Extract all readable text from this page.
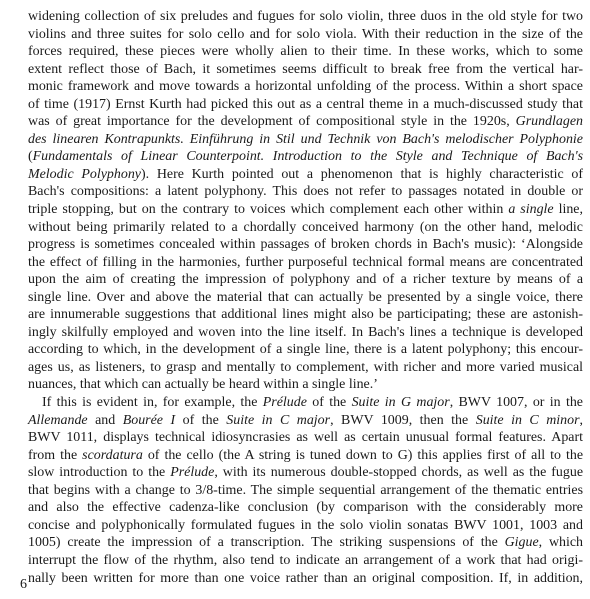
widening collection of six preludes and fugues for solo violin, three duos in the old style for two
violins and three suites for solo cello and for solo viola. With their reduction in the size of the
forces required, these pieces were wholly alien to their time. In these works, which to some
extent reflect those of Bach, it sometimes seems difficult to break free from the vertical har-
monic framework and move towards a horizontal unfolding of the process. Within a short space
of time (1917) Ernst Kurth had picked this out as a central theme in a much-discussed study that
was of great importance for the development of compositional style in the 1920s, Grundlagen
des linearen Kontrapunkts. Einführung in Stil und Technik von Bach's melodischer Polyphonie
(Fundamentals of Linear Counterpoint. Introduction to the Style and Technique of Bach's
Melodic Polyphony). Here Kurth pointed out a phenomenon that is highly characteristic of
Bach's compositions: a latent polyphony. This does not refer to passages notated in double or
triple stopping, but on the contrary to voices which complement each other within a single line,
without being primarily related to a chordally conceived harmony (on the other hand, melodic
progress is sometimes concealed within passages of broken chords in Bach's music): ‘Alongside
the effect of filling in the harmonies, further purposeful technical formal means are concentrated
upon the aim of creating the impression of polyphony and of a richer texture by means of a
single line. Over and above the material that can actually be presented by a single voice, there
are innumerable suggestions that additional lines might also be participating; these are astonish-
ingly skilfully employed and woven into the line itself. In Bach's lines a technique is developed
according to which, in the development of a single line, there is a latent polyphony; this encour-
ages us, as listeners, to grasp and mentally to complement, with richer and more varied musical
nuances, that which can actually be heard within a single line.’
If this is evident in, for example, the Prélude of the Suite in G major, BWV 1007, or in the
Allemande and Bourée I of the Suite in C major, BWV 1009, then the Suite in C minor,
BWV 1011, displays technical idiosyncrasies as well as certain unusual formal features. Apart
from the scordatura of the cello (the A string is tuned down to G) this applies first of all to the
slow introduction to the Prélude, with its numerous double-stopped chords, as well as the fugue
that begins with a change to 3/8-time. The simple sequential arrangement of the thematic entries
and also the effective cadenza-like conclusion (by comparison with the considerably more
concise and polyphonically formulated fugues in the solo violin sonatas BWV 1001, 1003 and
1005) create the impression of a transcription. The striking suspensions of the Gigue, which
interrupt the flow of the rhythm, also tend to indicate an arrangement of a work that had origi-
nally been written for more than one voice rather than an original composition. If, in addition,
6
